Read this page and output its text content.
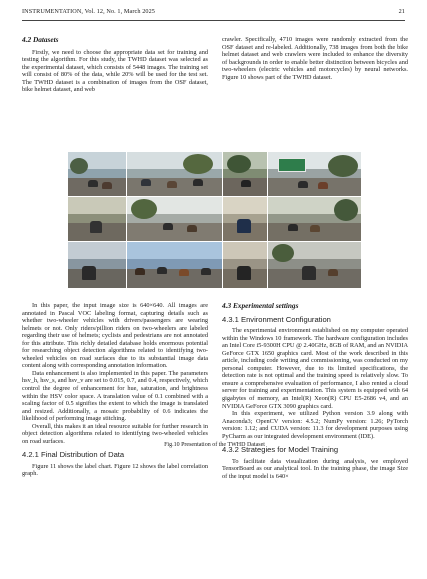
INSTRUMENTATION, Vol. 12, No. 1, March 2025	21
4.2 Datasets

Firstly, we need to choose the appropriate data set for training and testing the algorithm. For this study, the TWHD dataset was selected as the experimental dataset, which consists of 5448 images. The training set will consist of 80% of the data, while 20% will be used for the test set. The TWHD dataset is a combination of images from the OSF dataset, bike helmet dataset, and web

crawler. Specifically, 4710 images were randomly extracted from the OSF dataset and re-labeled. Additionally, 738 images from both the bike helmet dataset and web crawlers were included to enhance the diversity of backgrounds in order to enable better distinction between bicycles and two-wheelers (electric vehicles and motorcycles) by neural networks. Figure 10 shows part of the TWHD dataset.

Fig.10 Presentation of the TWHD Dataset

In this paper, the input image size is 640×640. All images are annotated in Pascal VOC labeling format, capturing details such as whether two-wheeler vehicles with drivers/passengers are wearing helmets or not. Only riders/pillion riders on two-wheelers are labeled regarding their use of helmets; cyclists and pedestrians are not annotated for this attribute. This richly detailed database holds enormous potential for researching object detection algorithms related to identifying two-wheeled vehicles on road surfaces due to its substantial image data content along with corresponding annotation information.

Data enhancement is also implemented in this paper. The parameters hsv_h, hsv_s, and hsv_v are set to 0.015, 0.7, and 0.4, respectively, which control the degree of enhancement for hue, saturation, and brightness within the HSV color space. A translation value of 0.1 combined with a scaling factor of 0.5 signifies the extent to which the image is translated and resized. Additionally, a mosaic probability of 0.6 indicates the likelihood of performing image stitching.

Overall, this makes it an ideal resource suitable for further research in object detection algorithms related to identifying two-wheeled vehicles on road surfaces.

4.2.1 Final Distribution of Data

Figure 11 shows the label chart. Figure 12 shows the label correlation graph.

4.3 Experimental settings
4.3.1 Environment Configuration

The experimental environment established on my computer operated within the Windows 10 framework. The hardware configuration includes an Intel Core i5-9300H CPU @ 2.40GHz, 8GB of RAM, and an NVIDIA GeForce GTX 1650 graphics card. Most of the work described in this article, including code writing and commissioning, was conducted on my personal computer. However, due to its limited specifications, the detection rate is not optimal and the training speed is relatively slow. To ensure a comprehensive evaluation of performance, I also rented a cloud server for training and experimentation. This system is equipped with 64 gigabytes of memory, an Intel(R) Xeon(R) CPU E5-2686 v4, and an NVIDIA GeForce GTX 3090 graphics card.

In this experiment, we utilized Python version 3.9 along with Anaconda3; OpenCV version: 4.5.2; NumPy version: 1.26; PyTorch version: 1.12; and CUDA version: 11.3 for development purposes using PyCharm as our integrated development environment (IDE).

4.3.2 Strategies for Model Training

To facilitate data visualization during analysis, we employed TensorBoard as our analytical tool. In the training phase, the image Size of the input model is 640×
